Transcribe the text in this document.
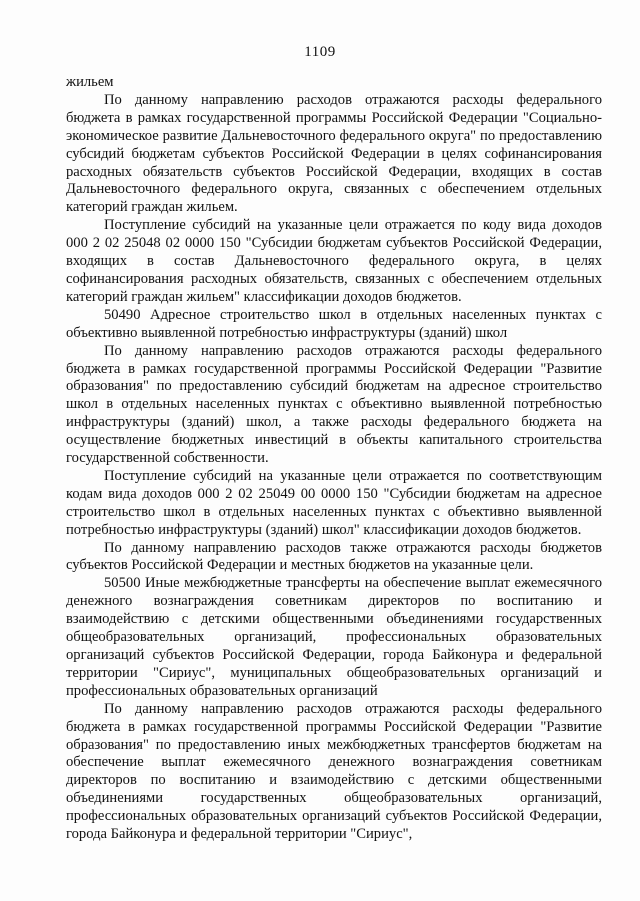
1109

жильем

По данному направлению расходов отражаются расходы федерального бюджета в рамках государственной программы Российской Федерации "Социально-экономическое развитие Дальневосточного федерального округа" по предоставлению субсидий бюджетам субъектов Российской Федерации в целях софинансирования расходных обязательств субъектов Российской Федерации, входящих в состав Дальневосточного федерального округа, связанных с обеспечением отдельных категорий граждан жильем.

Поступление субсидий на указанные цели отражается по коду вида доходов 000 2 02 25048 02 0000 150 "Субсидии бюджетам субъектов Российской Федерации, входящих в состав Дальневосточного федерального округа, в целях софинансирования расходных обязательств, связанных с обеспечением отдельных категорий граждан жильем" классификации доходов бюджетов.

50490 Адресное строительство школ в отдельных населенных пунктах с объективно выявленной потребностью инфраструктуры (зданий) школ

По данному направлению расходов отражаются расходы федерального бюджета в рамках государственной программы Российской Федерации "Развитие образования" по предоставлению субсидий бюджетам на адресное строительство школ в отдельных населенных пунктах с объективно выявленной потребностью инфраструктуры (зданий) школ, а также расходы федерального бюджета на осуществление бюджетных инвестиций в объекты капитального строительства государственной собственности.

Поступление субсидий на указанные цели отражается по соответствующим кодам вида доходов 000 2 02 25049 00 0000 150 "Субсидии бюджетам на адресное строительство школ в отдельных населенных пунктах с объективно выявленной потребностью инфраструктуры (зданий) школ" классификации доходов бюджетов.

По данному направлению расходов также отражаются расходы бюджетов субъектов Российской Федерации и местных бюджетов на указанные цели.

50500 Иные межбюджетные трансферты на обеспечение выплат ежемесячного денежного вознаграждения советникам директоров по воспитанию и взаимодействию с детскими общественными объединениями государственных общеобразовательных организаций, профессиональных образовательных организаций субъектов Российской Федерации, города Байконура и федеральной территории "Сириус", муниципальных общеобразовательных организаций и профессиональных образовательных организаций

По данному направлению расходов отражаются расходы федерального бюджета в рамках государственной программы Российской Федерации "Развитие образования" по предоставлению иных межбюджетных трансфертов бюджетам на обеспечение выплат ежемесячного денежного вознаграждения советникам директоров по воспитанию и взаимодействию с детскими общественными объединениями государственных общеобразовательных организаций, профессиональных образовательных организаций субъектов Российской Федерации, города Байконура и федеральной территории "Сириус",
